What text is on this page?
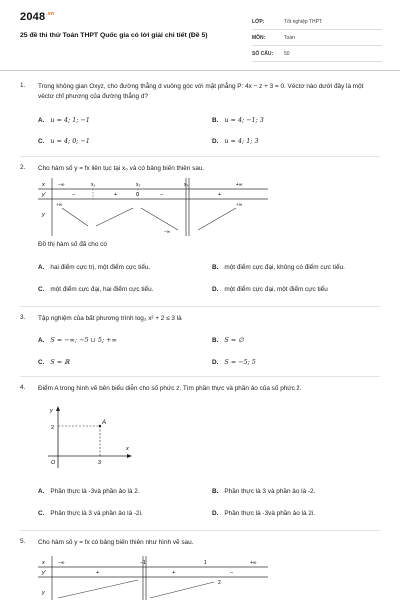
$2048^{.vn}$
25 đề thi thử Toán THPT Quốc gia có lời giải chi tiết (Đề 5)
LỚP:	Tốt nghiệp THPT
MÔN:	Toán
SỐ CÂU:	50
1. Trong không gian Oxyz, cho đường thẳng d vuông góc với mặt phẳng P: 4x − z + 3 = 0. Véctơ nào dưới đây là một véctơ chỉ phương của đường thẳng d?
A. u = 4; 1; −1	B. u = 4; −1; 3
C. u = 4; 0; −1	D. u = 4; 1; 3
2. Cho hàm số y = fx liên tục tại x₀ và có bảng biến thiên sau.
x	−∞	x₁	x₂	x₃	+∞
y'	−	+	0	−	+
y
+∞
−∞
+∞
Đồ thị hàm số đã cho có
A. hai điểm cực trị, một điểm cực tiểu.	B. một điểm cực đại, không có điểm cực tiểu.
C. một điểm cực đại, hai điểm cực tiểu.	D. một điểm cực đại, một điểm cực tiểu
3. Tập nghiệm của bất phương trình log₃ x² + 2 ≤ 3 là
A. S = −∞; −5 ∪ 5; +∞	B. S = ∅
C. S = ℝ	D. S = −5; 5
4. Điểm A trong hình vẽ bên biểu diễn cho số phức z. Tìm phần thực và phần ảo của số phức z̄.
A
2
3
O
x
y
A. Phần thực là -3và phần ảo là 2.	B. Phần thực là 3 và phần ảo là -2.
C. Phần thực là 3 và phần ảo là -2i.	D. Phần thực là -3và phần ảo là 2i.
5. Cho hàm số y = fx có bảng biến thiên như hình vẽ sau.
x	−∞	−1	1	+∞
y'	+	+	−
y
2
